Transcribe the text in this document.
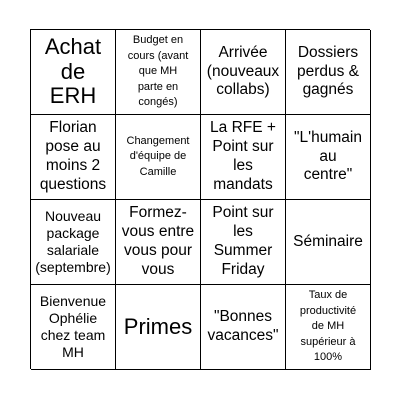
Achat
de
ERH
Budget en
cours (avant
que MH
parte en
congés)
Arrivée
(nouveaux
collabs)
Dossiers
perdus &
gagnés
Florian
pose au
moins 2
questions
Changement
d'équipe de
Camille
La RFE +
Point sur
les
mandats
"L'humain
au
centre"
Nouveau
package
salariale
(septembre)
Formez-
vous entre
vous pour
vous
Point sur
les
Summer
Friday
Séminaire
Bienvenue
Ophélie
chez team
MH
Primes	"Bonnes
vacances"
Taux de
productivité
de MH
supérieur à
100%
